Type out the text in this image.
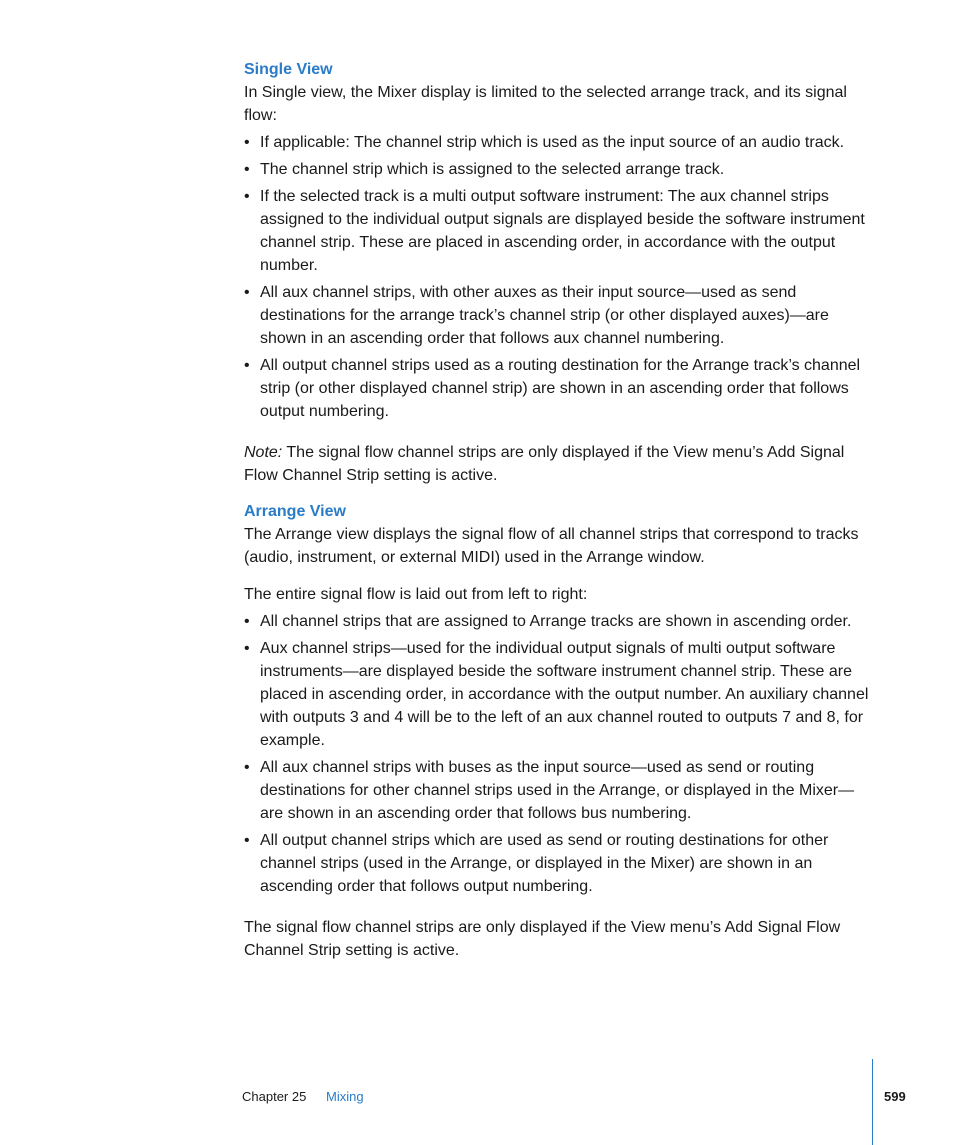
Single View

In Single view, the Mixer display is limited to the selected arrange track, and its signal flow:

• If applicable: The channel strip which is used as the input source of an audio track.
• The channel strip which is assigned to the selected arrange track.
• If the selected track is a multi output software instrument: The aux channel strips assigned to the individual output signals are displayed beside the software instrument channel strip. These are placed in ascending order, in accordance with the output number.
• All aux channel strips, with other auxes as their input source—used as send destinations for the arrange track’s channel strip (or other displayed auxes)—are shown in an ascending order that follows aux channel numbering.
• All output channel strips used as a routing destination for the Arrange track’s channel strip (or other displayed channel strip) are shown in an ascending order that follows output numbering.

Note: The signal flow channel strips are only displayed if the View menu’s Add Signal Flow Channel Strip setting is active.

Arrange View

The Arrange view displays the signal flow of all channel strips that correspond to tracks (audio, instrument, or external MIDI) used in the Arrange window.

The entire signal flow is laid out from left to right:

• All channel strips that are assigned to Arrange tracks are shown in ascending order.
• Aux channel strips—used for the individual output signals of multi output software instruments—are displayed beside the software instrument channel strip. These are placed in ascending order, in accordance with the output number. An auxiliary channel with outputs 3 and 4 will be to the left of an aux channel routed to outputs 7 and 8, for example.
• All aux channel strips with buses as the input source—used as send or routing destinations for other channel strips used in the Arrange, or displayed in the Mixer—are shown in an ascending order that follows bus numbering.
• All output channel strips which are used as send or routing destinations for other channel strips (used in the Arrange, or displayed in the Mixer) are shown in an ascending order that follows output numbering.

The signal flow channel strips are only displayed if the View menu’s Add Signal Flow Channel Strip setting is active.

Chapter 25 Mixing	599
